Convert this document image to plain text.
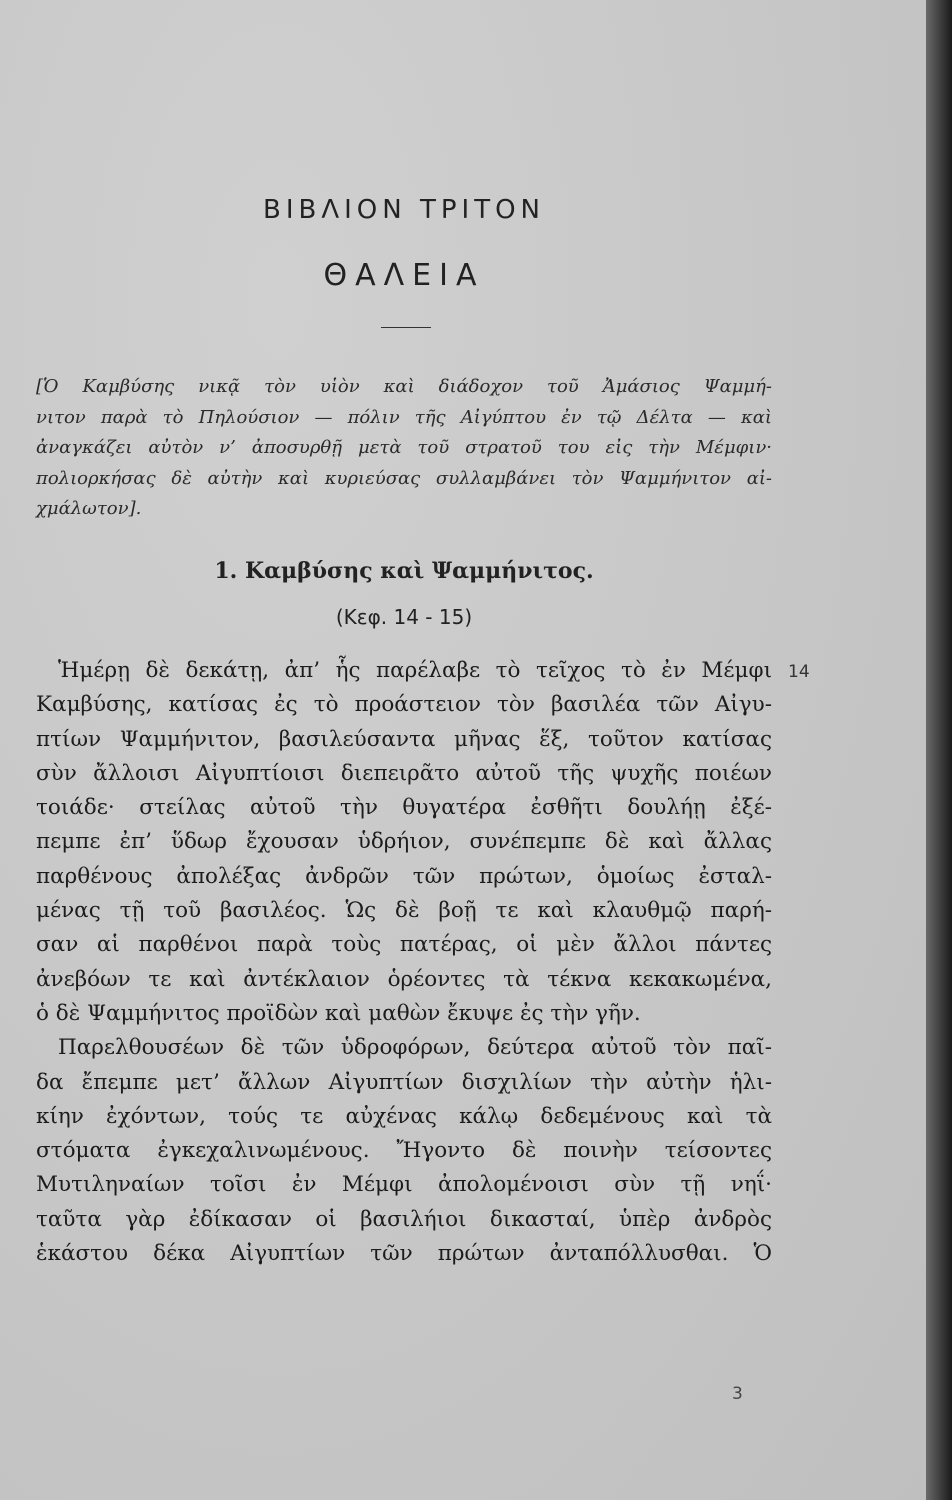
ΒΙΒΛΙΟΝ ΤΡΙΤΟΝ
ΘΑΛΕΙΑ
[Ὁ Καμβύσης νικᾷ τὸν υἱὸν καὶ διάδοχον τοῦ Ἀμάσιος Ψαμμή-
νιτον παρὰ τὸ Πηλούσιον — πόλιν τῆς Αἰγύπτου ἐν τῷ Δέλτα — καὶ
ἀναγκάζει αὐτὸν ν’ ἀποσυρθῇ μετὰ τοῦ στρατοῦ του εἰς τὴν Μέμφιν·
πολιορκήσας δὲ αὐτὴν καὶ κυριεύσας συλλαμβάνει τὸν Ψαμμήνιτον αἰ-
χμάλωτον].
1. Καμβύσης καὶ Ψαμμήνιτος.
(Κεφ. 14 - 15)
14
Ἡμέρῃ δὲ δεκάτῃ, ἀπ’ ἧς παρέλαβε τὸ τεῖχος τὸ ἐν Μέμφι
Καμβύσης, κατίσας ἐς τὸ προάστειον τὸν βασιλέα τῶν Αἰγυ-
πτίων Ψαμμήνιτον, βασιλεύσαντα μῆνας ἕξ, τοῦτον κατίσας
σὺν ἄλλοισι Αἰγυπτίοισι διεπειρᾶτο αὐτοῦ τῆς ψυχῆς ποιέων
τοιάδε· στείλας αὐτοῦ τὴν θυγατέρα ἐσθῆτι δουλήῃ ἐξέ-
πεμπε ἐπ’ ὕδωρ ἔχουσαν ὑδρήιον, συνέπεμπε δὲ καὶ ἄλλας
παρθένους ἀπολέξας ἀνδρῶν τῶν πρώτων, ὁμοίως ἐσταλ-
μένας τῇ τοῦ βασιλέος. Ὡς δὲ βοῇ τε καὶ κλαυθμῷ παρή-
σαν αἱ παρθένοι παρὰ τοὺς πατέρας, οἱ μὲν ἄλλοι πάντες
ἀνεβόων τε καὶ ἀντέκλαιον ὁρέοντες τὰ τέκνα κεκακωμένα,
ὁ δὲ Ψαμμήνιτος προϊδὼν καὶ μαθὼν ἔκυψε ἐς τὴν γῆν.
Παρελθουσέων δὲ τῶν ὑδροφόρων, δεύτερα αὐτοῦ τὸν παῖ-
δα ἔπεμπε μετ’ ἄλλων Αἰγυπτίων δισχιλίων τὴν αὐτὴν ἡλι-
κίην ἐχόντων, τούς τε αὐχένας κάλῳ δεδεμένους καὶ τὰ
στόματα ἐγκεχαλινωμένους. Ἤγοντο δὲ ποινὴν τείσοντες
Μυτιληναίων τοῖσι ἐν Μέμφι ἀπολομένοισι σὺν τῇ νηΐ·
ταῦτα γὰρ ἐδίκασαν οἱ βασιλήιοι δικασταί, ὑπὲρ ἀνδρὸς
ἑκάστου δέκα Αἰγυπτίων τῶν πρώτων ἀνταπόλλυσθαι. Ὁ
3
